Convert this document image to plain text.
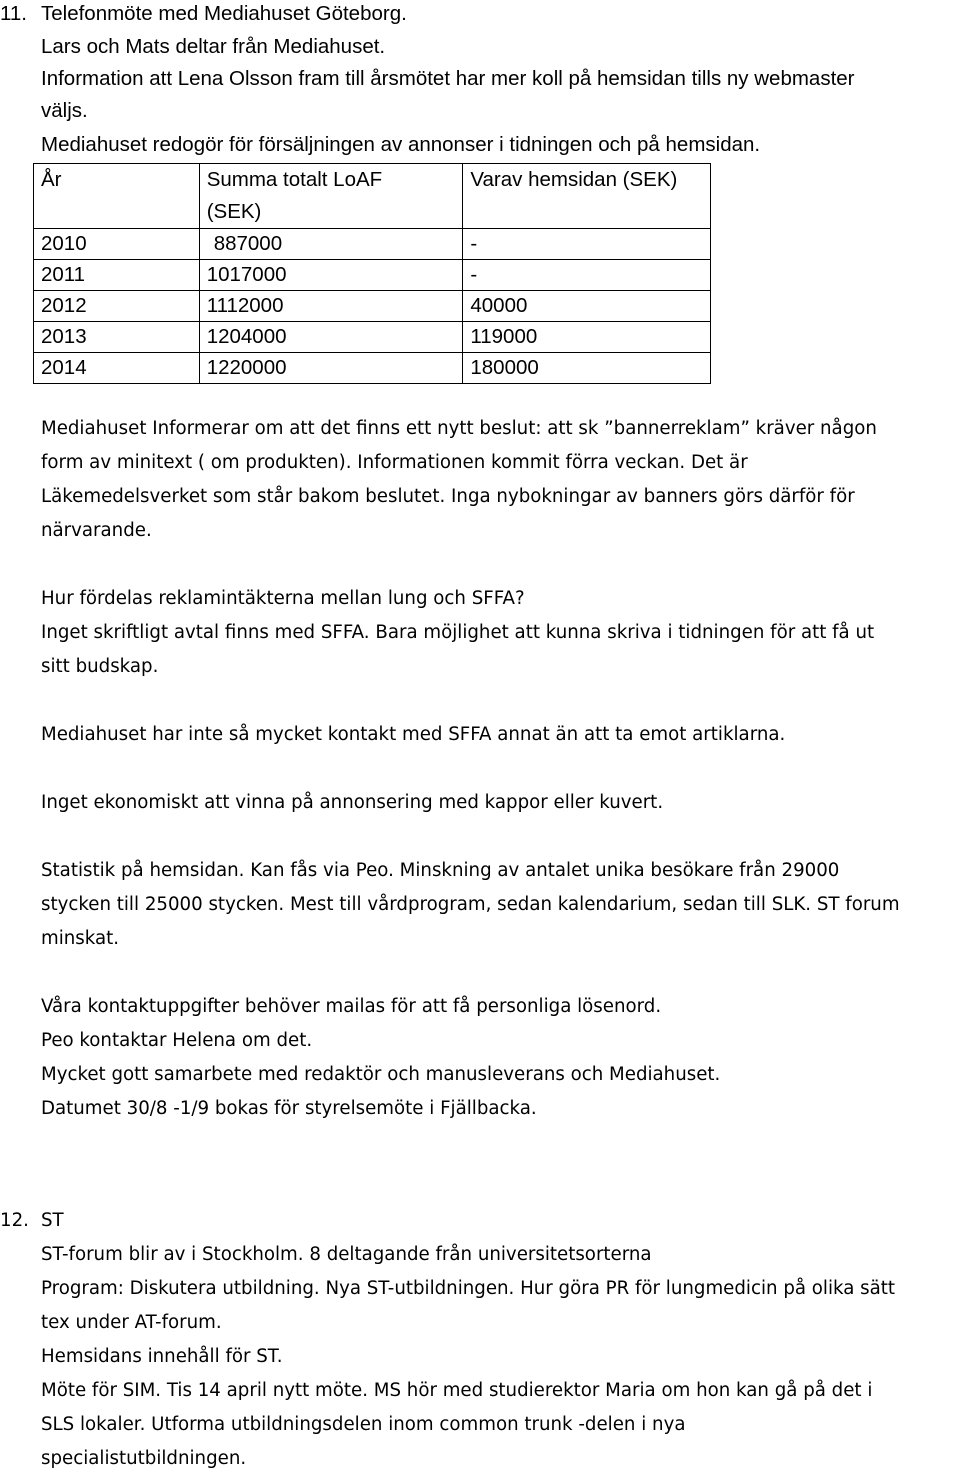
11. Telefonmöte med Mediahuset Göteborg.
Lars och Mats deltar från Mediahuset.
Information att Lena Olsson fram till årsmötet har mer koll på hemsidan tills ny webmaster
väljs.
Mediahuset redogör för försäljningen av annonser i tidningen och på hemsidan.
År	Summa totalt LoAF (SEK)	Varav hemsidan (SEK)
2010	887000	-
2011	1017000	-
2012	1112000	40000
2013	1204000	119000
2014	1220000	180000
Mediahuset Informerar om att det finns ett nytt beslut: att sk ”bannerreklam” kräver någon
form av minitext ( om produkten). Informationen kommit förra veckan. Det är
Läkemedelsverket som står bakom beslutet. Inga nybokningar av banners görs därför för
närvarande.
Hur fördelas reklamintäkterna mellan lung och SFFA?
Inget skriftligt avtal finns med SFFA. Bara möjlighet att kunna skriva i tidningen för att få ut
sitt budskap.
Mediahuset har inte så mycket kontakt med SFFA annat än att ta emot artiklarna.
Inget ekonomiskt att vinna på annonsering med kappor eller kuvert.
Statistik på hemsidan. Kan fås via Peo. Minskning av antalet unika besökare från 29000
stycken till 25000 stycken. Mest till vårdprogram, sedan kalendarium, sedan till SLK. ST forum
minskat.
Våra kontaktuppgifter behöver mailas för att få personliga lösenord.
Peo kontaktar Helena om det.
Mycket gott samarbete med redaktör och manusleverans och Mediahuset.
Datumet 30/8 -1/9 bokas för styrelsemöte i Fjällbacka.
12. ST
ST-forum blir av i Stockholm. 8 deltagande från universitetsorterna
Program: Diskutera utbildning. Nya ST-utbildningen. Hur göra PR för lungmedicin på olika sätt
tex under AT-forum.
Hemsidans innehåll för ST.
Möte för SIM. Tis 14 april nytt möte. MS hör med studierektor Maria om hon kan gå på det i
SLS lokaler. Utforma utbildningsdelen inom common trunk -delen i nya
specialistutbildningen.
